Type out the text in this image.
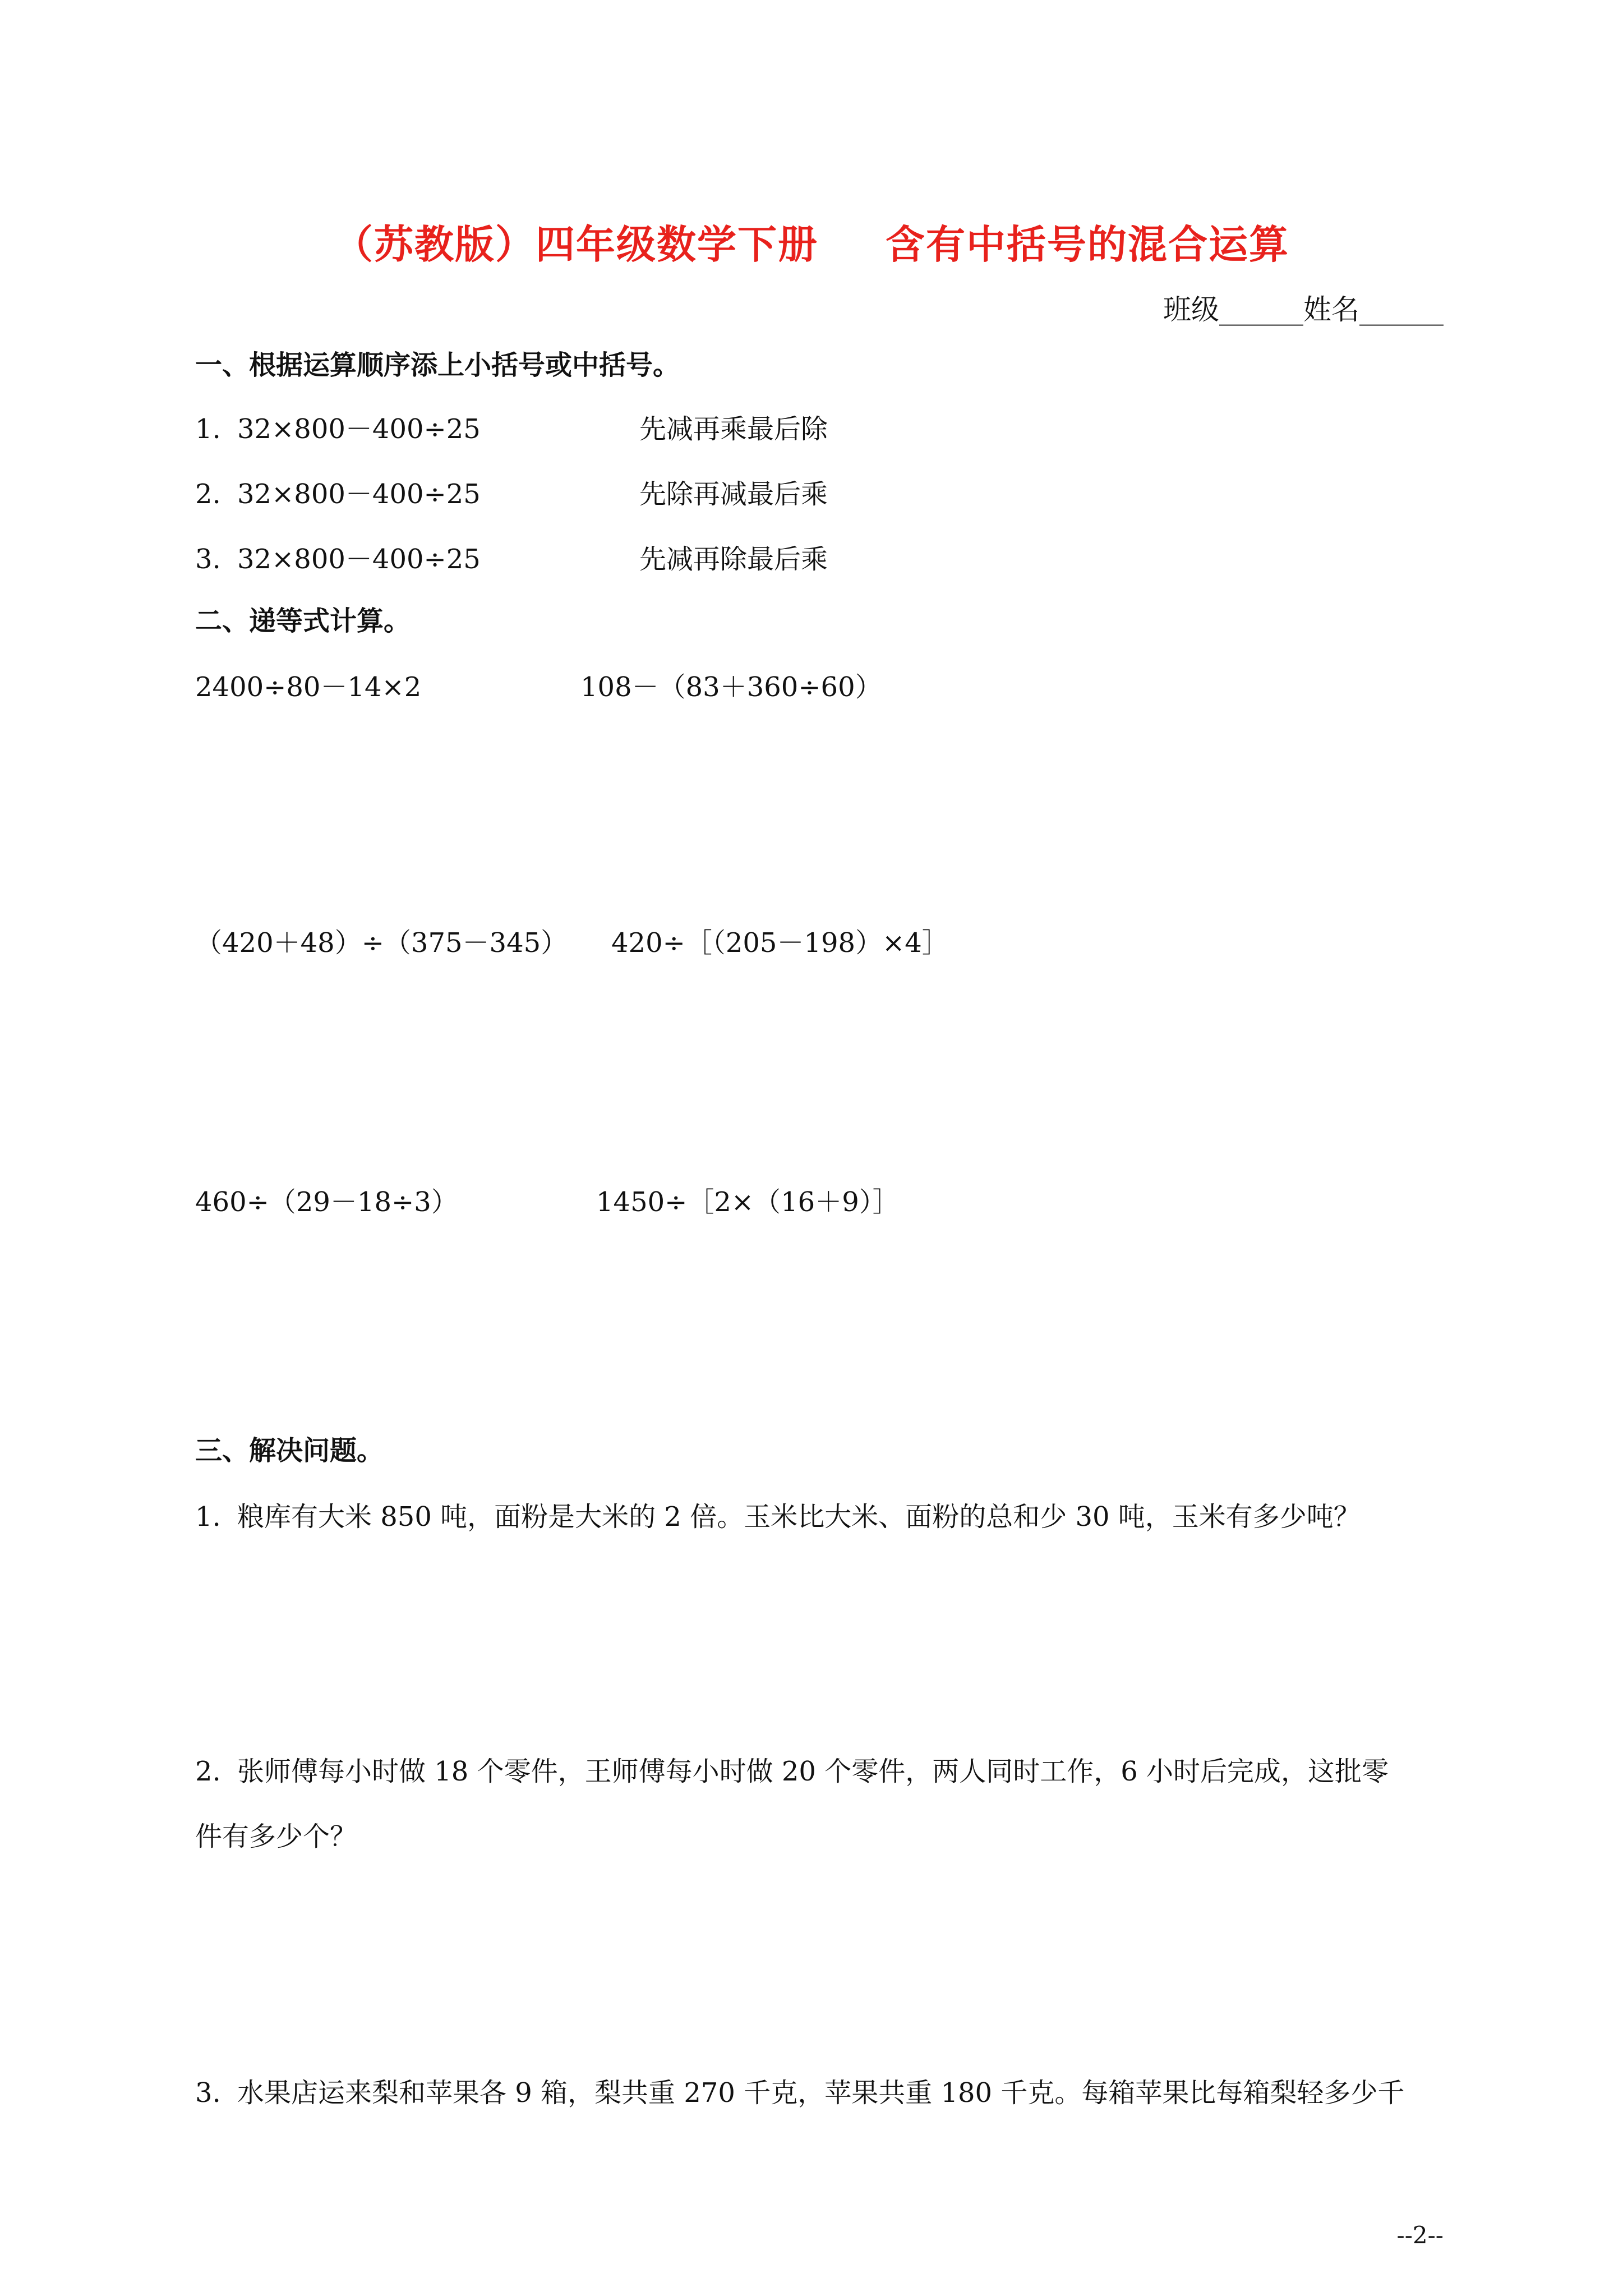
（苏教版）四年级数学下册 含有中括号的混合运算
班级______姓名______
一、根据运算顺序添上小括号或中括号。
1. 32×800－400÷25	先减再乘最后除
2. 32×800－400÷25	先除再减最后乘
3. 32×800－400÷25	先减再除最后乘
二、递等式计算。
2400÷80－14×2	108－（83＋360÷60）
（420＋48）÷（375－345） 420÷［（205－198）×4］
460÷（29－18÷3）	1450÷［2×（16＋9）］
三、解决问题。
1. 粮库有大米 850 吨，面粉是大米的 2 倍。玉米比大米、面粉的总和少 30 吨，玉米有多少吨？
2. 张师傅每小时做 18 个零件，王师傅每小时做 20 个零件，两人同时工作，6 小时后完成，这批零
件有多少个？
3. 水果店运来梨和苹果各 9 箱，梨共重 270 千克，苹果共重 180 千克。每箱苹果比每箱梨轻多少千
--2--
